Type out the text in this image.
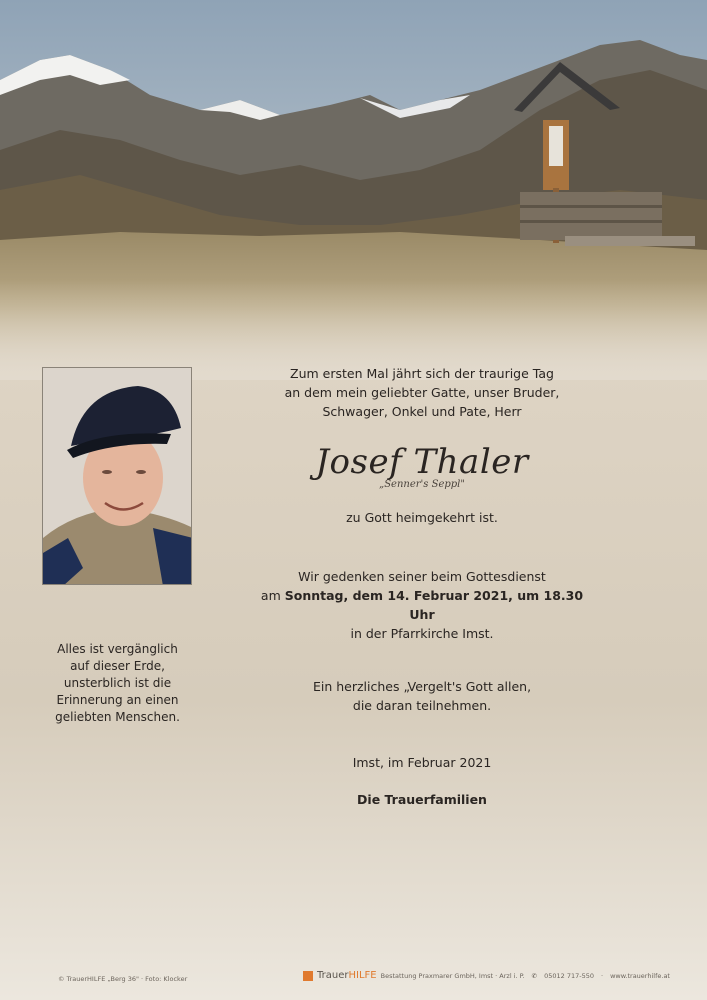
Alles ist vergänglich
auf dieser Erde,
unsterblich ist die
Erinnerung an einen
geliebten Menschen.

Zum ersten Mal jährt sich der traurige Tag
an dem mein geliebter Gatte, unser Bruder,
Schwager, Onkel und Pate, Herr

Josef Thaler

„Senner's Seppl"

zu Gott heimgekehrt ist.

Wir gedenken seiner beim Gottesdienst
am Sonntag, dem 14. Februar 2021, um 18.30 Uhr
in der Pfarrkirche Imst.

Ein herzliches „Vergelt's Gott allen,
die daran teilnehmen.

Imst, im Februar 2021

Die Trauerfamilien

© TrauerHILFE „Berg 36" · Foto: Klocker	TrauerHILFE Bestattung Praxmarer GmbH, Imst · Arzl i. P. ✆ 05012 717-550 · www.trauerhilfe.at
